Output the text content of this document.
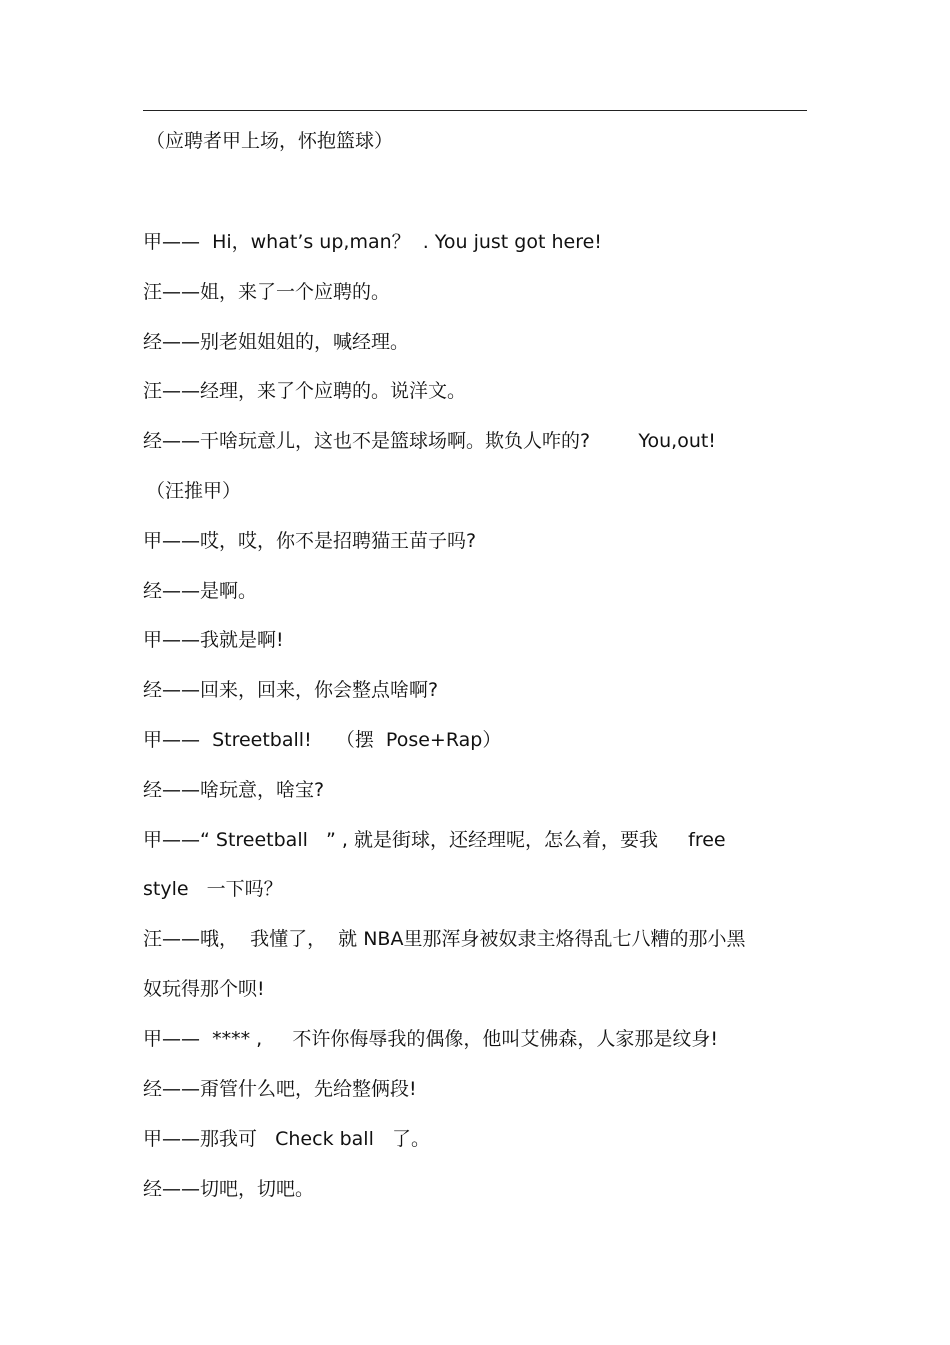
（应聘者甲上场，怀抱篮球）
甲——  Hi，what’s up,man？  . You just got here!
汪——姐，来了一个应聘的。
经——别老姐姐姐的，喊经理。
汪——经理，来了个应聘的。说洋文。
经——干啥玩意儿，这也不是篮球场啊。欺负人咋的?        You,out!
（汪推甲）
甲——哎，哎，你不是招聘猫王苗子吗?
经——是啊。
甲——我就是啊!
经——回来，回来，你会整点啥啊?
甲——  Streetball!    （摆  Pose+Rap）
经——啥玩意，啥宝?
甲——“ Streetball   ” , 就是街球，还经理呢，怎么着，要我     free
style   一下吗？
汪——哦，  我懂了，  就 NBA里那浑身被奴隶主烙得乱七八糟的那小黑
奴玩得那个呗!
甲——  **** ,     不许你侮辱我的偶像，他叫艾佛森，人家那是纹身!
经——甭管什么吧，先给整俩段!
甲——那我可   Check ball   了。
经——切吧，切吧。
